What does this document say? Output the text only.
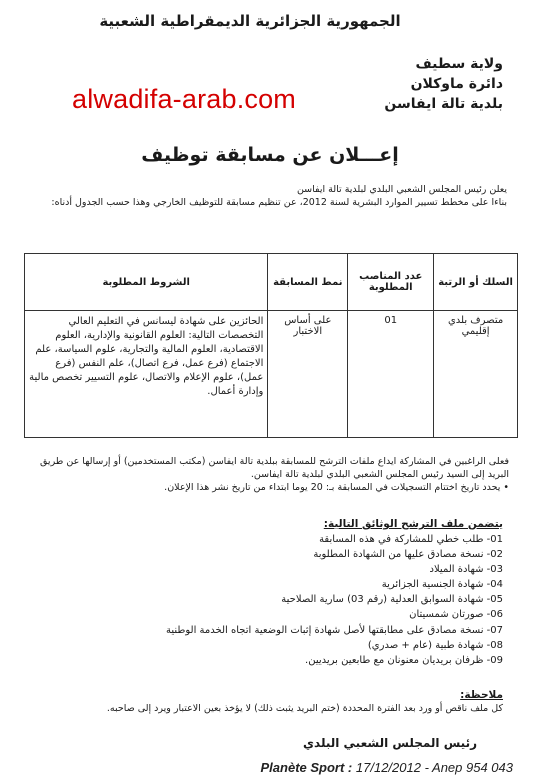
الجمهورية الجزائرية الديمقراطية الشعبية
ولاية سطيف
دائرة ماوكلان
بلدية تالة ايفاسن
alwadifa-arab.com
إعـــلان عن مسابقة توظيف
يعلن رئيس المجلس الشعبي البلدي لبلدية تالة ايفاسن
بناءا على مخطط تسيير الموارد البشرية لسنة 2012، عن تنظيم مسابقة للتوظيف الخارجي وهذا حسب الجدول أدناه:
السلك أو الرتبة	عدد المناصب المطلوبة	نمط المسابقة	الشروط المطلوبة
متصرف بلدي إقليمي	01	على أساس الاختبار	الحائزين على شهادة ليسانس في التعليم العالي التخصصات التالية: العلوم القانونية والإدارية، العلوم الاقتصادية، العلوم المالية والتجارية، علوم السياسة، علم الاجتماع (فرع عمل، فرع اتصال)، علم النفس (فرع عمل)، علوم الإعلام والاتصال، علوم التسيير تخصص مالية وإدارة أعمال.
فعلى الراغبين في المشاركة ايداع ملفات الترشح للمسابقة ببلدية تالة ايفاسن (مكتب المستخدمين) أو إرسالها عن طريق البريد إلى السيد رئيس المجلس الشعبي البلدي لبلدية تالة ايفاسن.
• يحدد تاريخ اختتام التسجيلات في المسابقة بـ: 20 يوما ابتداء من تاريخ نشر هذا الإعلان.
يتضمن ملف الترشح الوثائق التالية:
01- طلب خطي للمشاركة في هذه المسابقة
02- نسخة مصادق عليها من الشهادة المطلوبة
03- شهادة الميلاد
04- شهادة الجنسية الجزائرية
05- شهادة السوابق العدلية (رقم 03) سارية الصلاحية
06- صورتان شمسيتان
07- نسخة مصادق على مطابقتها لأصل شهادة إثبات الوضعية اتجاه الخدمة الوطنية
08- شهادة طبية (عام + صدري)
09- ظرفان بريديان معنونان مع طابعين بريديين.
ملاحظة:
كل ملف ناقص أو ورد بعد الفترة المحددة (ختم البريد يثبت ذلك) لا يؤخذ بعين الاعتبار ويرد إلى صاحبه.
رئيس المجلس الشعبي البلدي
Planète Sport : 17/12/2012 - Anep 954 043
